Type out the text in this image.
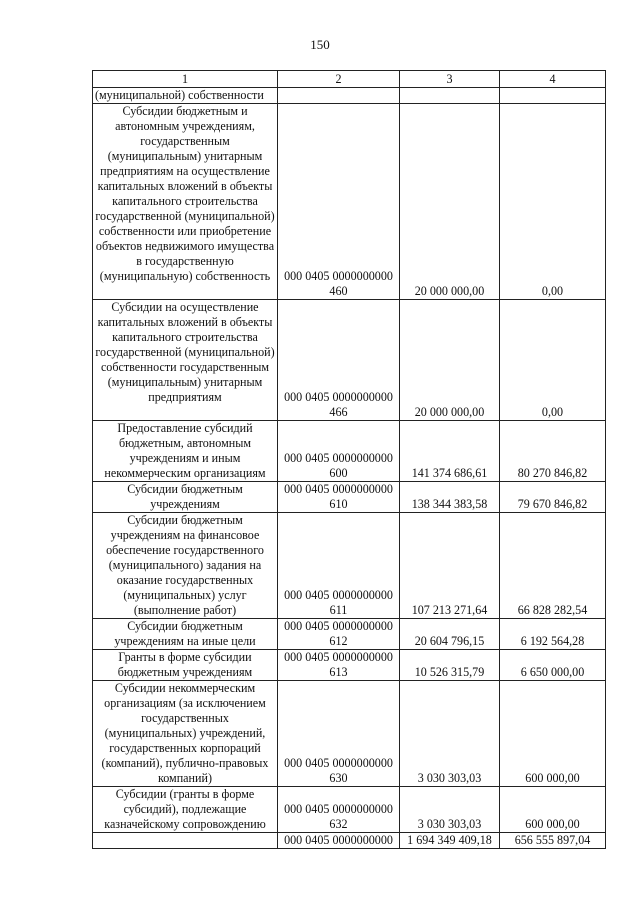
150
1	2	3	4
(муниципальной) собственности			
Субсидии бюджетным и автономным учреждениям, государственным (муниципальным) унитарным предприятиям на осуществление капитальных вложений в объекты капитального строительства государственной (муниципальной) собственности или приобретение объектов недвижимого имущества в государственную (муниципальную) собственность	000 0405 0000000000 460	20 000 000,00	0,00
Субсидии на осуществление капитальных вложений в объекты капитального строительства государственной (муниципальной) собственности государственным (муниципальным) унитарным предприятиям	000 0405 0000000000 466	20 000 000,00	0,00
Предоставление субсидий бюджетным, автономным учреждениям и иным некоммерческим организациям	000 0405 0000000000 600	141 374 686,61	80 270 846,82
Субсидии бюджетным учреждениям	000 0405 0000000000 610	138 344 383,58	79 670 846,82
Субсидии бюджетным учреждениям на финансовое обеспечение государственного (муниципального) задания на оказание государственных (муниципальных) услуг (выполнение работ)	000 0405 0000000000 611	107 213 271,64	66 828 282,54
Субсидии бюджетным учреждениям на иные цели	000 0405 0000000000 612	20 604 796,15	6 192 564,28
Гранты в форме субсидии бюджетным учреждениям	000 0405 0000000000 613	10 526 315,79	6 650 000,00
Субсидии некоммерческим организациям (за исключением государственных (муниципальных) учреждений, государственных корпораций (компаний), публично-правовых компаний)	000 0405 0000000000 630	3 030 303,03	600 000,00
Субсидии (гранты в форме субсидий), подлежащие казначейскому сопровождению	000 0405 0000000000 632	3 030 303,03	600 000,00
	000 0405 0000000000	1 694 349 409,18	656 555 897,04
